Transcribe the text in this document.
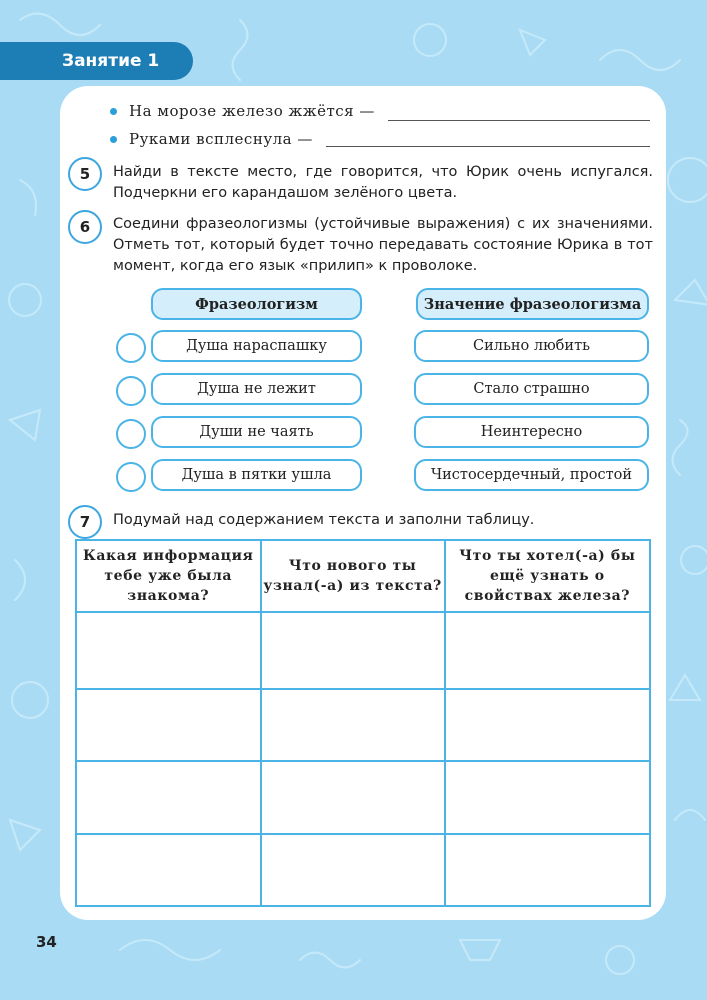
Занятие 1
На морозе железо жжётся —
Руками всплеснула —
5	Найди в тексте место, где говорится, что Юрик очень испугался. Подчеркни его карандашом зелёного цвета.
6	Соедини фразеологизмы (устойчивые выражения) с их значениями. Отметь тот, который будет точно передавать состояние Юрика в тот момент, когда его язык «прилип» к проволоке.
Фразеологизм	Значение фразеологизма
Душа нараспашку	Сильно любить
Душа не лежит	Стало страшно
Души не чаять	Неинтересно
Душа в пятки ушла	Чистосердечный, простой
7	Подумай над содержанием текста и заполни таблицу.
Какая информация тебе уже была знакома?	Что нового ты узнал(-а) из текста?	Что ты хотел(-а) бы ещё узнать о свойствах железа?

34
